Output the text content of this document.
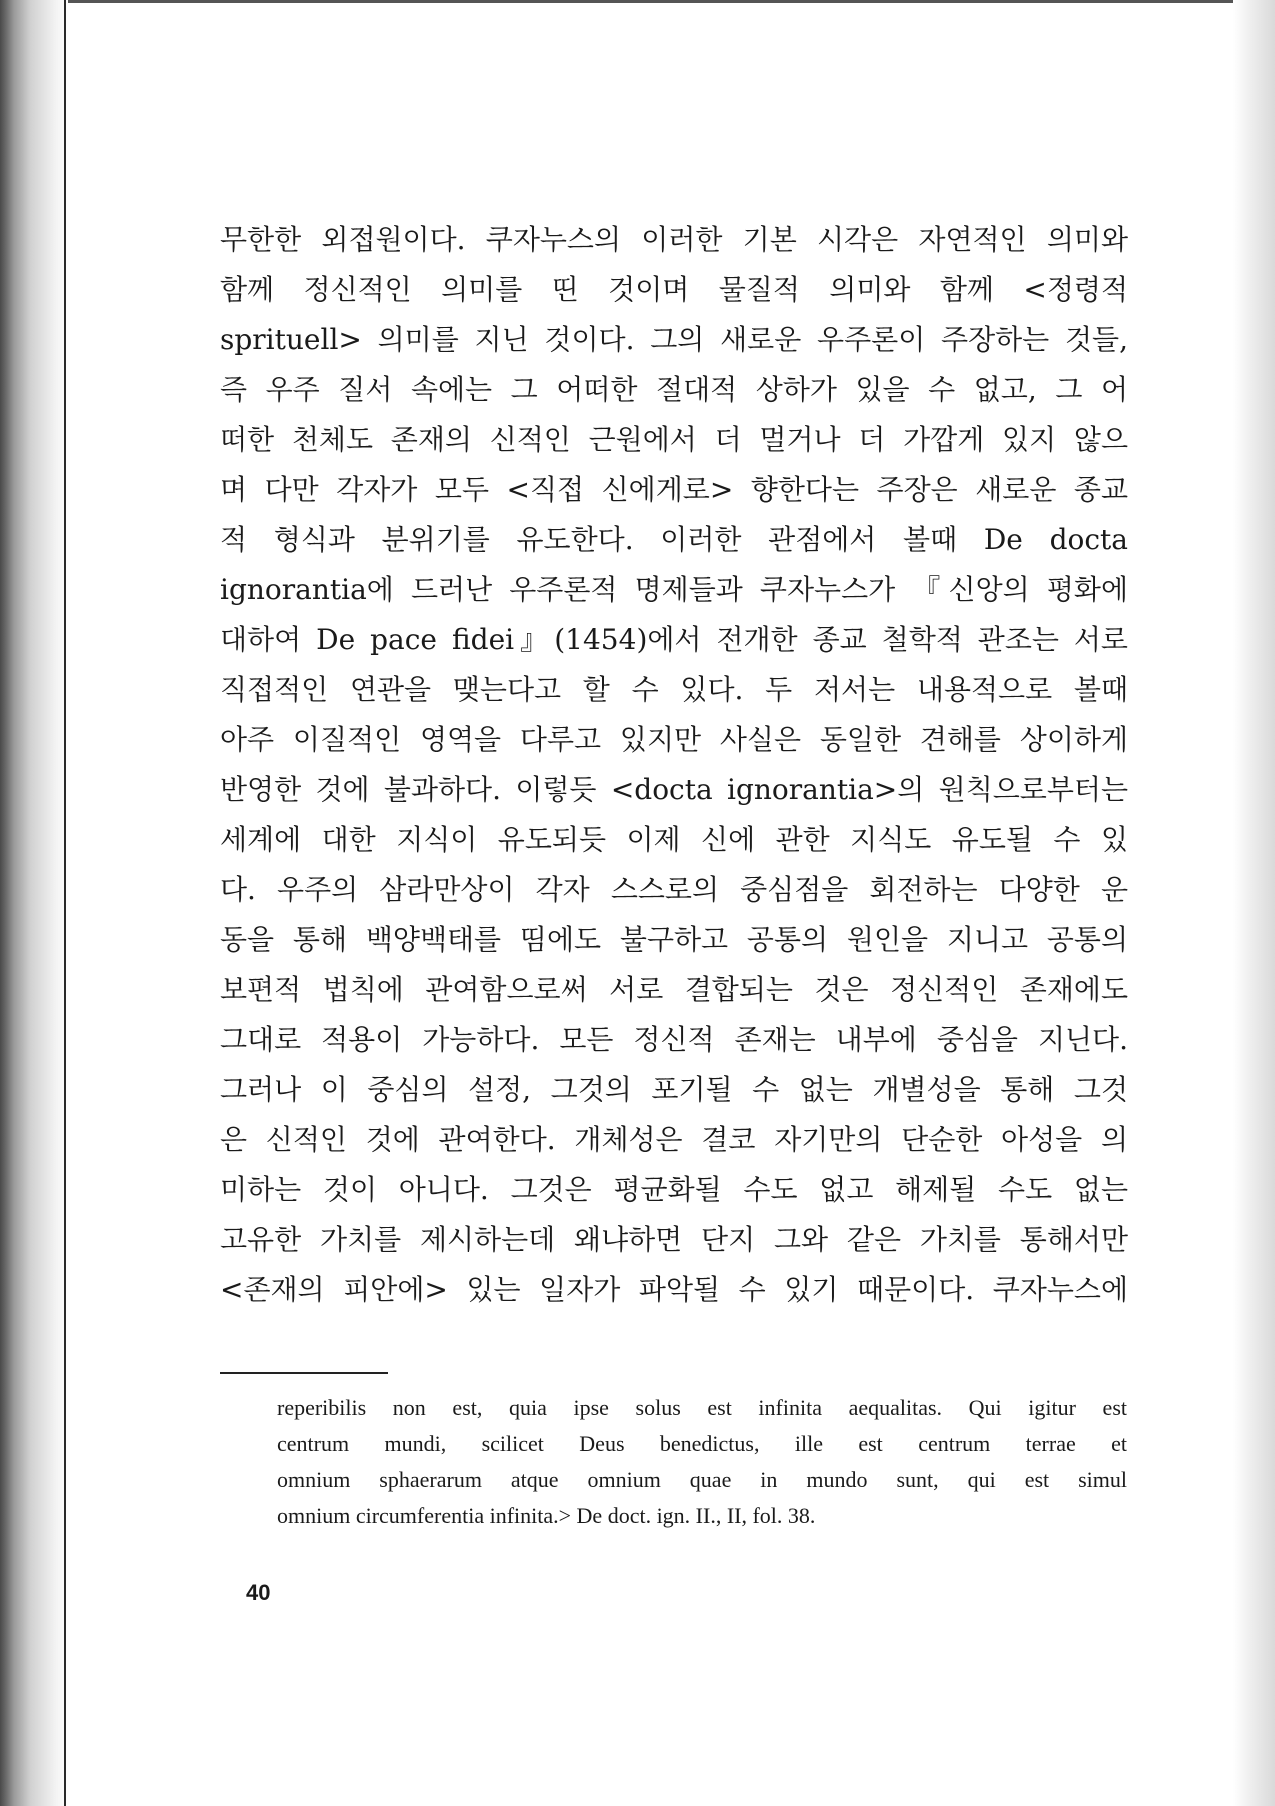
무한한 외접원이다. 쿠자누스의 이러한 기본 시각은 자연적인 의미와
함께 정신적인 의미를 띤 것이며 물질적 의미와 함께 <정령적
sprituell> 의미를 지닌 것이다. 그의 새로운 우주론이 주장하는 것들,
즉 우주 질서 속에는 그 어떠한 절대적 상하가 있을 수 없고, 그 어
떠한 천체도 존재의 신적인 근원에서 더 멀거나 더 가깝게 있지 않으
며 다만 각자가 모두 <직접 신에게로> 향한다는 주장은 새로운 종교
적 형식과 분위기를 유도한다. 이러한 관점에서 볼때 De docta
ignorantia에 드러난 우주론적 명제들과 쿠자누스가 『신앙의 평화에
대하여 De pace fidei』(1454)에서 전개한 종교 철학적 관조는 서로
직접적인 연관을 맺는다고 할 수 있다. 두 저서는 내용적으로 볼때
아주 이질적인 영역을 다루고 있지만 사실은 동일한 견해를 상이하게
반영한 것에 불과하다. 이렇듯 <docta ignorantia>의 원칙으로부터는
세계에 대한 지식이 유도되듯 이제 신에 관한 지식도 유도될 수 있
다. 우주의 삼라만상이 각자 스스로의 중심점을 회전하는 다양한 운
동을 통해 백양백태를 띰에도 불구하고 공통의 원인을 지니고 공통의
보편적 법칙에 관여함으로써 서로 결합되는 것은 정신적인 존재에도
그대로 적용이 가능하다. 모든 정신적 존재는 내부에 중심을 지닌다.
그러나 이 중심의 설정, 그것의 포기될 수 없는 개별성을 통해 그것
은 신적인 것에 관여한다. 개체성은 결코 자기만의 단순한 아성을 의
미하는 것이 아니다. 그것은 평균화될 수도 없고 해제될 수도 없는
고유한 가치를 제시하는데 왜냐하면 단지 그와 같은 가치를 통해서만
<존재의 피안에> 있는 일자가 파악될 수 있기 때문이다. 쿠자누스에
reperibilis non est, quia ipse solus est infinita aequalitas. Qui igitur est
centrum mundi, scilicet Deus benedictus, ille est centrum terrae et
omnium sphaerarum atque omnium quae in mundo sunt, qui est simul
omnium circumferentia infinita.> De doct. ign. II., II, fol. 38.
40
